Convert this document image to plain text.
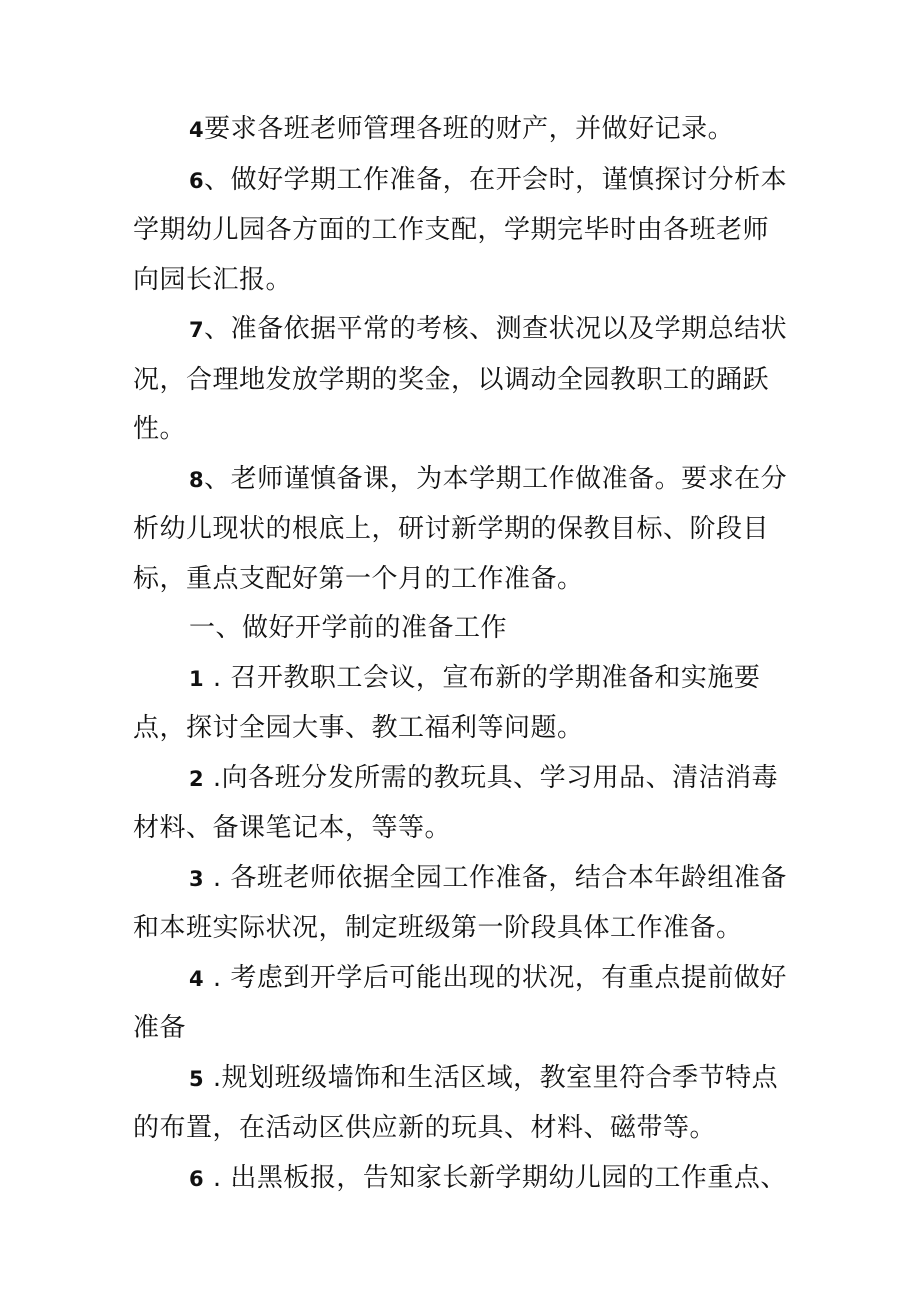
4要求各班老师管理各班的财产，并做好记录。

6、做好学期工作准备，在开会时，谨慎探讨分析本学期幼儿园各方面的工作支配，学期完毕时由各班老师向园长汇报。

7、准备依据平常的考核、测查状况以及学期总结状况，合理地发放学期的奖金，以调动全园教职工的踊跃性。

8、老师谨慎备课，为本学期工作做准备。要求在分析幼儿现状的根底上，研讨新学期的保教目标、阶段目标，重点支配好第一个月的工作准备。

一、做好开学前的准备工作

1 . 召开教职工会议，宣布新的学期准备和实施要点，探讨全园大事、教工福利等问题。

2 .向各班分发所需的教玩具、学习用品、清洁消毒材料、备课笔记本，等等。

3 . 各班老师依据全园工作准备，结合本年龄组准备和本班实际状况，制定班级第一阶段具体工作准备。

4 . 考虑到开学后可能出现的状况，有重点提前做好准备

5 .规划班级墙饰和生活区域，教室里符合季节特点的布置，在活动区供应新的玩具、材料、磁带等。

6 . 出黑板报，告知家长新学期幼儿园的工作重点、
